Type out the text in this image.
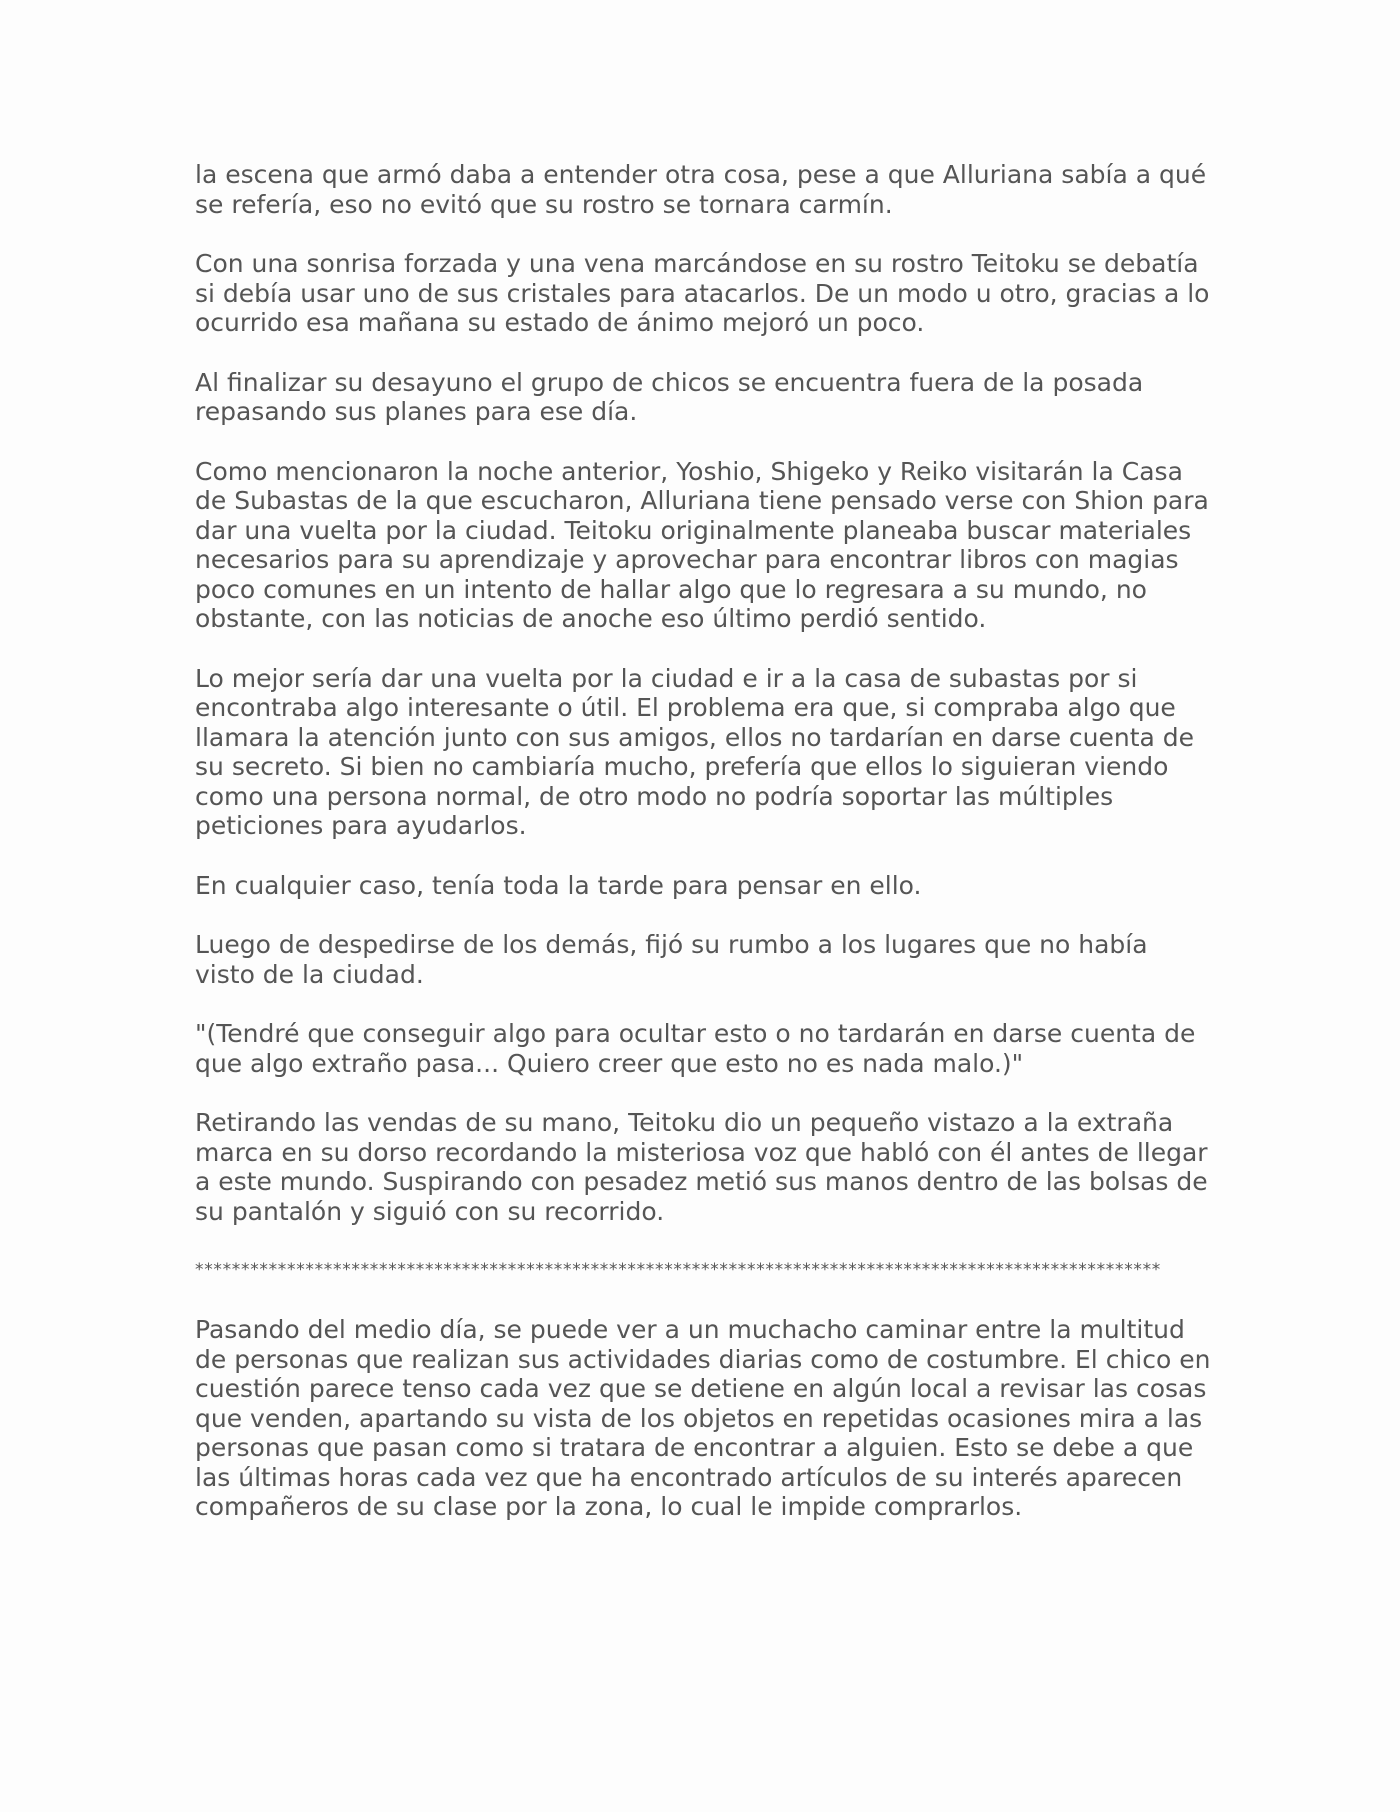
la escena que armó daba a entender otra cosa, pese a que Alluriana sabía a qué se refería, eso no evitó que su rostro se tornara carmín.

Con una sonrisa forzada y una vena marcándose en su rostro Teitoku se debatía si debía usar uno de sus cristales para atacarlos. De un modo u otro, gracias a lo ocurrido esa mañana su estado de ánimo mejoró un poco.

Al finalizar su desayuno el grupo de chicos se encuentra fuera de la posada repasando sus planes para ese día.

Como mencionaron la noche anterior, Yoshio, Shigeko y Reiko visitarán la Casa de Subastas de la que escucharon, Alluriana tiene pensado verse con Shion para dar una vuelta por la ciudad. Teitoku originalmente planeaba buscar materiales necesarios para su aprendizaje y aprovechar para encontrar libros con magias poco comunes en un intento de hallar algo que lo regresara a su mundo, no obstante, con las noticias de anoche eso último perdió sentido.

Lo mejor sería dar una vuelta por la ciudad e ir a la casa de subastas por si encontraba algo interesante o útil. El problema era que, si compraba algo que llamara la atención junto con sus amigos, ellos no tardarían en darse cuenta de su secreto. Si bien no cambiaría mucho, prefería que ellos lo siguieran viendo como una persona normal, de otro modo no podría soportar las múltiples peticiones para ayudarlos.

En cualquier caso, tenía toda la tarde para pensar en ello.

Luego de despedirse de los demás, fijó su rumbo a los lugares que no había visto de la ciudad.

"(Tendré que conseguir algo para ocultar esto o no tardarán en darse cuenta de que algo extraño pasa... Quiero creer que esto no es nada malo.)"

Retirando las vendas de su mano, Teitoku dio un pequeño vistazo a la extraña marca en su dorso recordando la misteriosa voz que habló con él antes de llegar a este mundo. Suspirando con pesadez metió sus manos dentro de las bolsas de su pantalón y siguió con su recorrido.

*********************************************************************************************************

Pasando del medio día, se puede ver a un muchacho caminar entre la multitud de personas que realizan sus actividades diarias como de costumbre. El chico en cuestión parece tenso cada vez que se detiene en algún local a revisar las cosas que venden, apartando su vista de los objetos en repetidas ocasiones mira a las personas que pasan como si tratara de encontrar a alguien. Esto se debe a que las últimas horas cada vez que ha encontrado artículos de su interés aparecen compañeros de su clase por la zona, lo cual le impide comprarlos.
